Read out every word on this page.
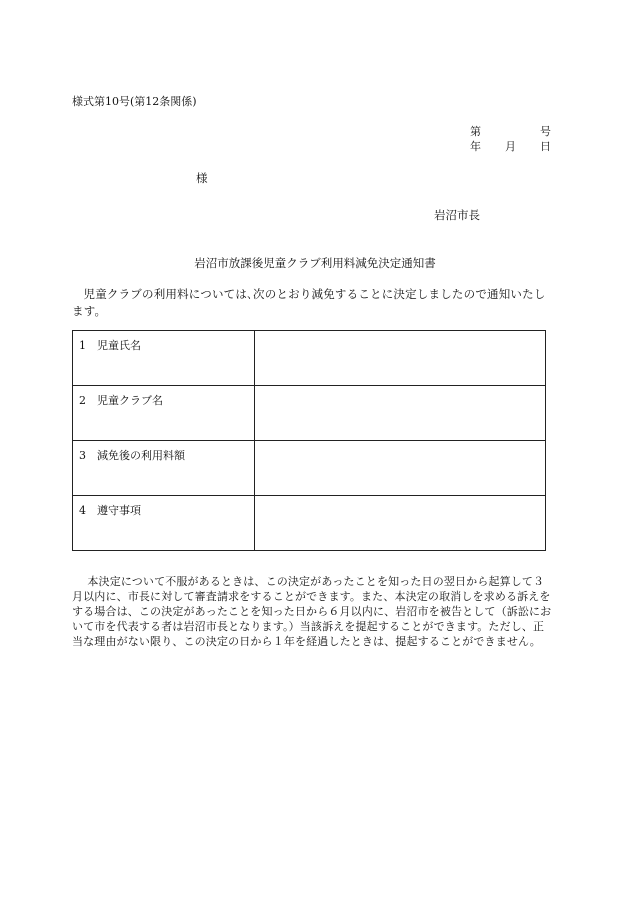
様式第10号(第12条関係)
第	号
年 月 日
様
岩沼市長
岩沼市放課後児童クラブ利用料減免決定通知書
児童クラブの利用料については､次のとおり減免することに決定しましたので通知いたします。
1 児童氏名	
2 児童クラブ名	
3 減免後の利用料額	
4 遵守事項	
本決定について不服があるときは、この決定があったことを知った日の翌日から起算して３月以内に、市長に対して審査請求をすることができます。また、本決定の取消しを求める訴えをする場合は、この決定があったことを知った日から６月以内に、岩沼市を被告として（訴訟において市を代表する者は岩沼市長となります。）当該訴えを提起することができます。ただし、正当な理由がない限り、この決定の日から１年を経過したときは、提起することができません。
